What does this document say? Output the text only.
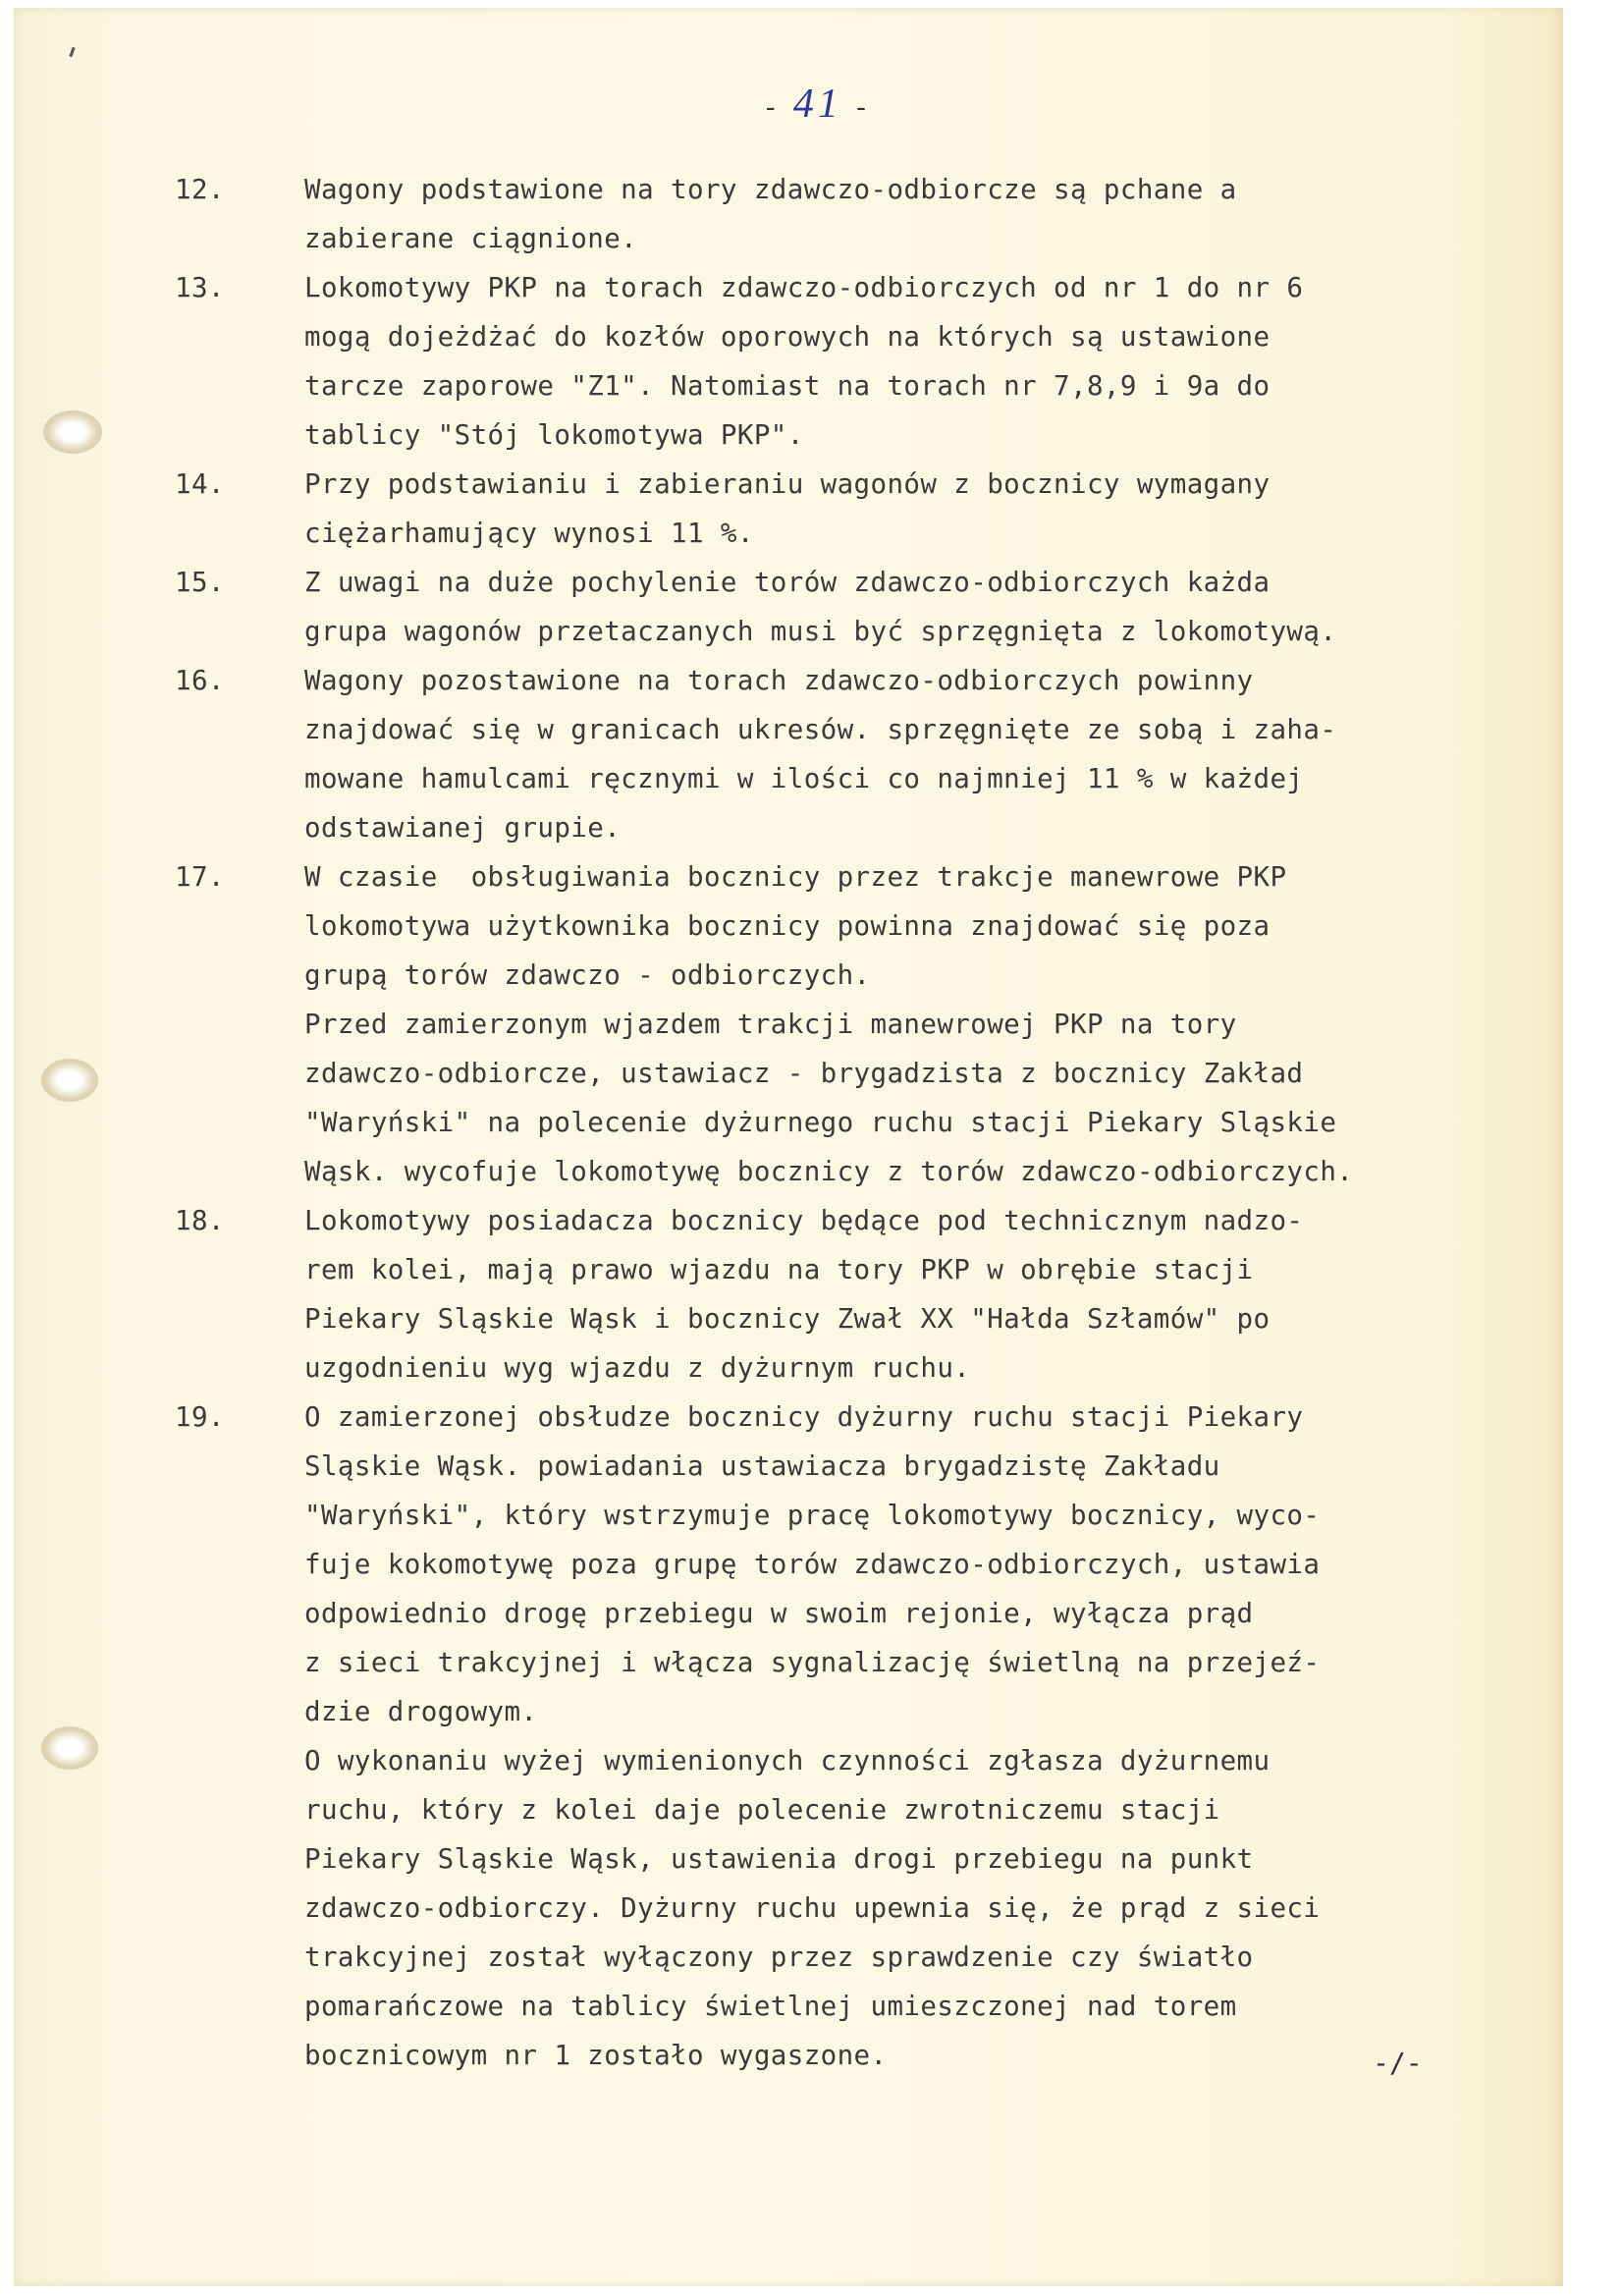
- 41 -
12.	Wagony podstawione na tory zdawczo-odbiorcze są pchane a
zabierane ciągnione.
13.	Lokomotywy PKP na torach zdawczo-odbiorczych od nr 1 do nr 6
mogą dojeżdżać do kozłów oporowych na których są ustawione
tarcze zaporowe "Z1". Natomiast na torach nr 7,8,9 i 9a do
tablicy "Stój lokomotywa PKP".
14.	Przy podstawianiu i zabieraniu wagonów z bocznicy wymagany
ciężarhamujący wynosi 11 %.
15.	Z uwagi na duże pochylenie torów zdawczo-odbiorczych każda
grupa wagonów przetaczanych musi być sprzęgnięta z lokomotywą.
16.	Wagony pozostawione na torach zdawczo-odbiorczych powinny
znajdować się w granicach ukresów. sprzęgnięte ze sobą i zaha-
mowane hamulcami ręcznymi w ilości co najmniej 11 % w każdej
odstawianej grupie.
17.	W czasie  obsługiwania bocznicy przez trakcje manewrowe PKP
lokomotywa użytkownika bocznicy powinna znajdować się poza
grupą torów zdawczo - odbiorczych.
Przed zamierzonym wjazdem trakcji manewrowej PKP na tory
zdawczo-odbiorcze, ustawiacz - brygadzista z bocznicy Zakład
"Waryński" na polecenie dyżurnego ruchu stacji Piekary Sląskie
Wąsk. wycofuje lokomotywę bocznicy z torów zdawczo-odbiorczych.
18.	Lokomotywy posiadacza bocznicy będące pod technicznym nadzo-
rem kolei, mają prawo wjazdu na tory PKP w obrębie stacji
Piekary Sląskie Wąsk i bocznicy Zwał XX "Hałda Szłamów" po
uzgodnieniu wyg wjazdu z dyżurnym ruchu.
19.	O zamierzonej obsłudze bocznicy dyżurny ruchu stacji Piekary
Sląskie Wąsk. powiadania ustawiacza brygadzistę Zakładu
"Waryński", który wstrzymuje pracę lokomotywy bocznicy, wyco-
fuje kokomotywę poza grupę torów zdawczo-odbiorczych, ustawia
odpowiednio drogę przebiegu w swoim rejonie, wyłącza prąd
z sieci trakcyjnej i włącza sygnalizację świetlną na przejeź-
dzie drogowym.
O wykonaniu wyżej wymienionych czynności zgłasza dyżurnemu
ruchu, który z kolei daje polecenie zwrotniczemu stacji
Piekary Sląskie Wąsk, ustawienia drogi przebiegu na punkt
zdawczo-odbiorczy. Dyżurny ruchu upewnia się, że prąd z sieci
trakcyjnej został wyłączony przez sprawdzenie czy światło
pomarańczowe na tablicy świetlnej umieszczonej nad torem
bocznicowym nr 1 zostało wygaszone.	-/-
